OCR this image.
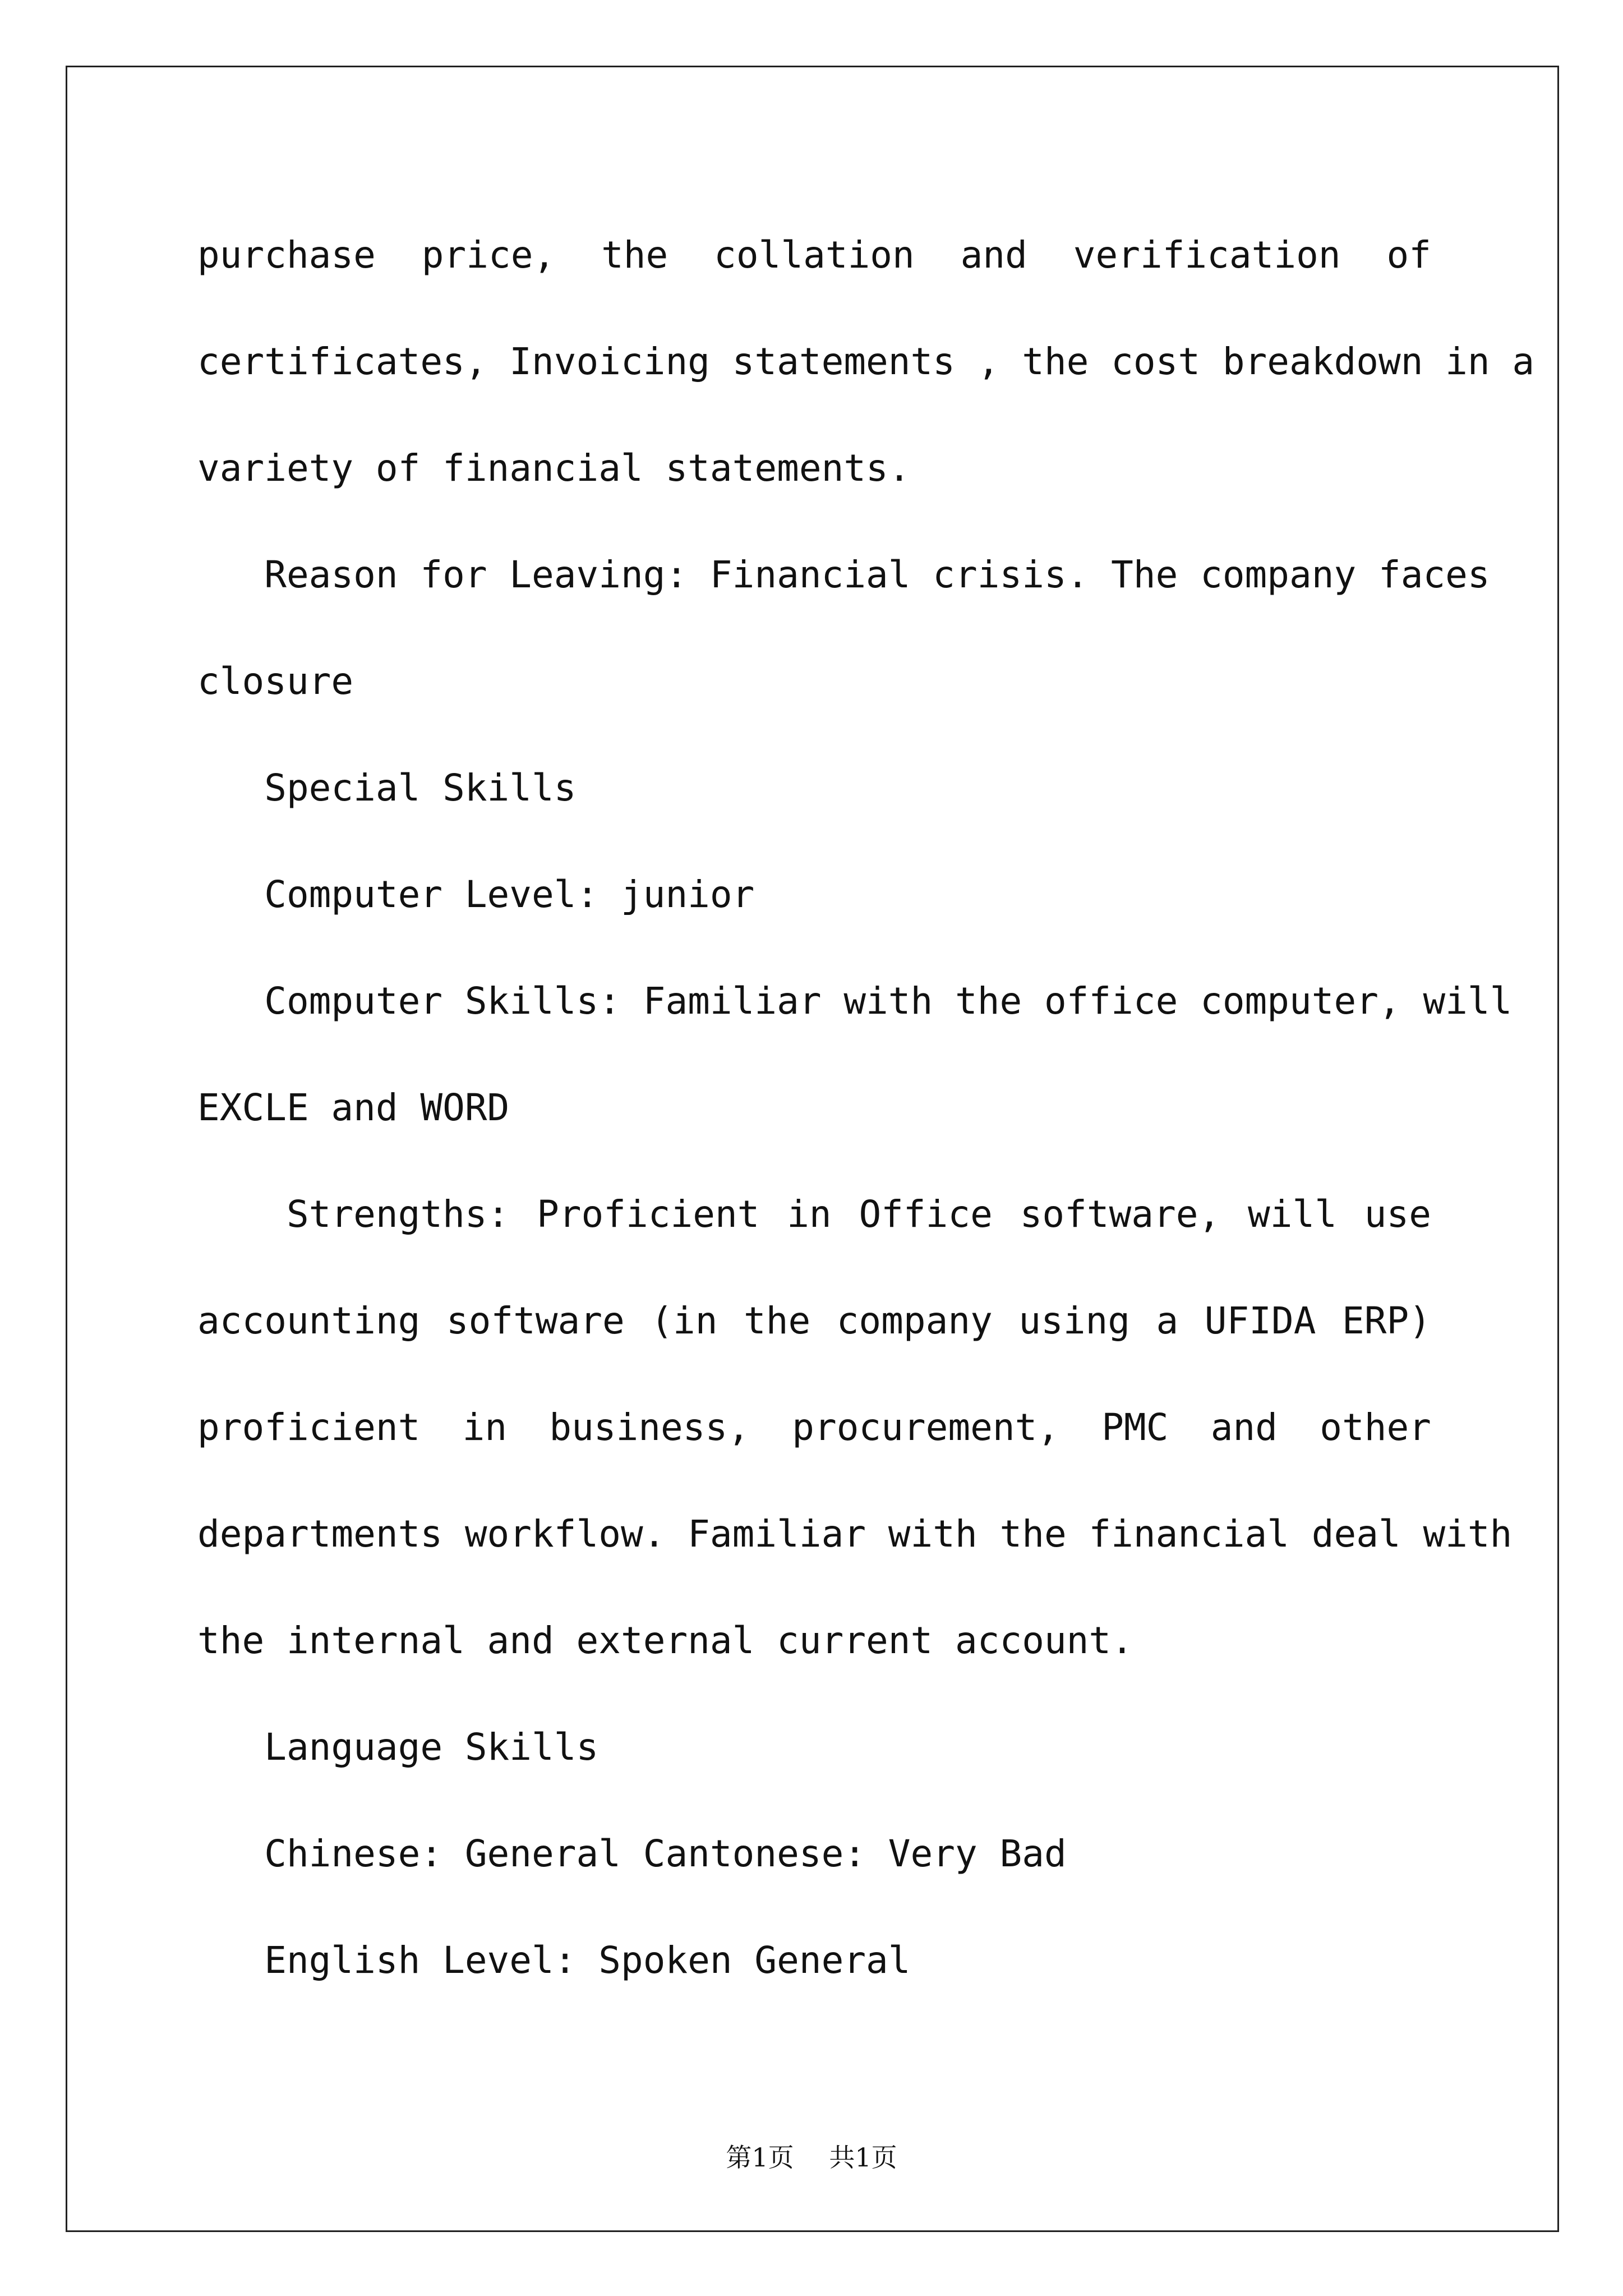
purchase price, the collation and verification of
certificates, Invoicing statements , the cost breakdown in a
variety of financial statements.
Reason for Leaving: Financial crisis. The company faces
closure
Special Skills
Computer Level: junior
Computer Skills: Familiar with the office computer, will
EXCLE and WORD
Strengths: Proficient in Office software, will use
accounting software (in the company using a UFIDA ERP)
proficient in business, procurement, PMC and other
departments workflow. Familiar with the financial deal with
the internal and external current account.
Language Skills
Chinese: General Cantonese: Very Bad
English Level: Spoken General
第1页 共1页
